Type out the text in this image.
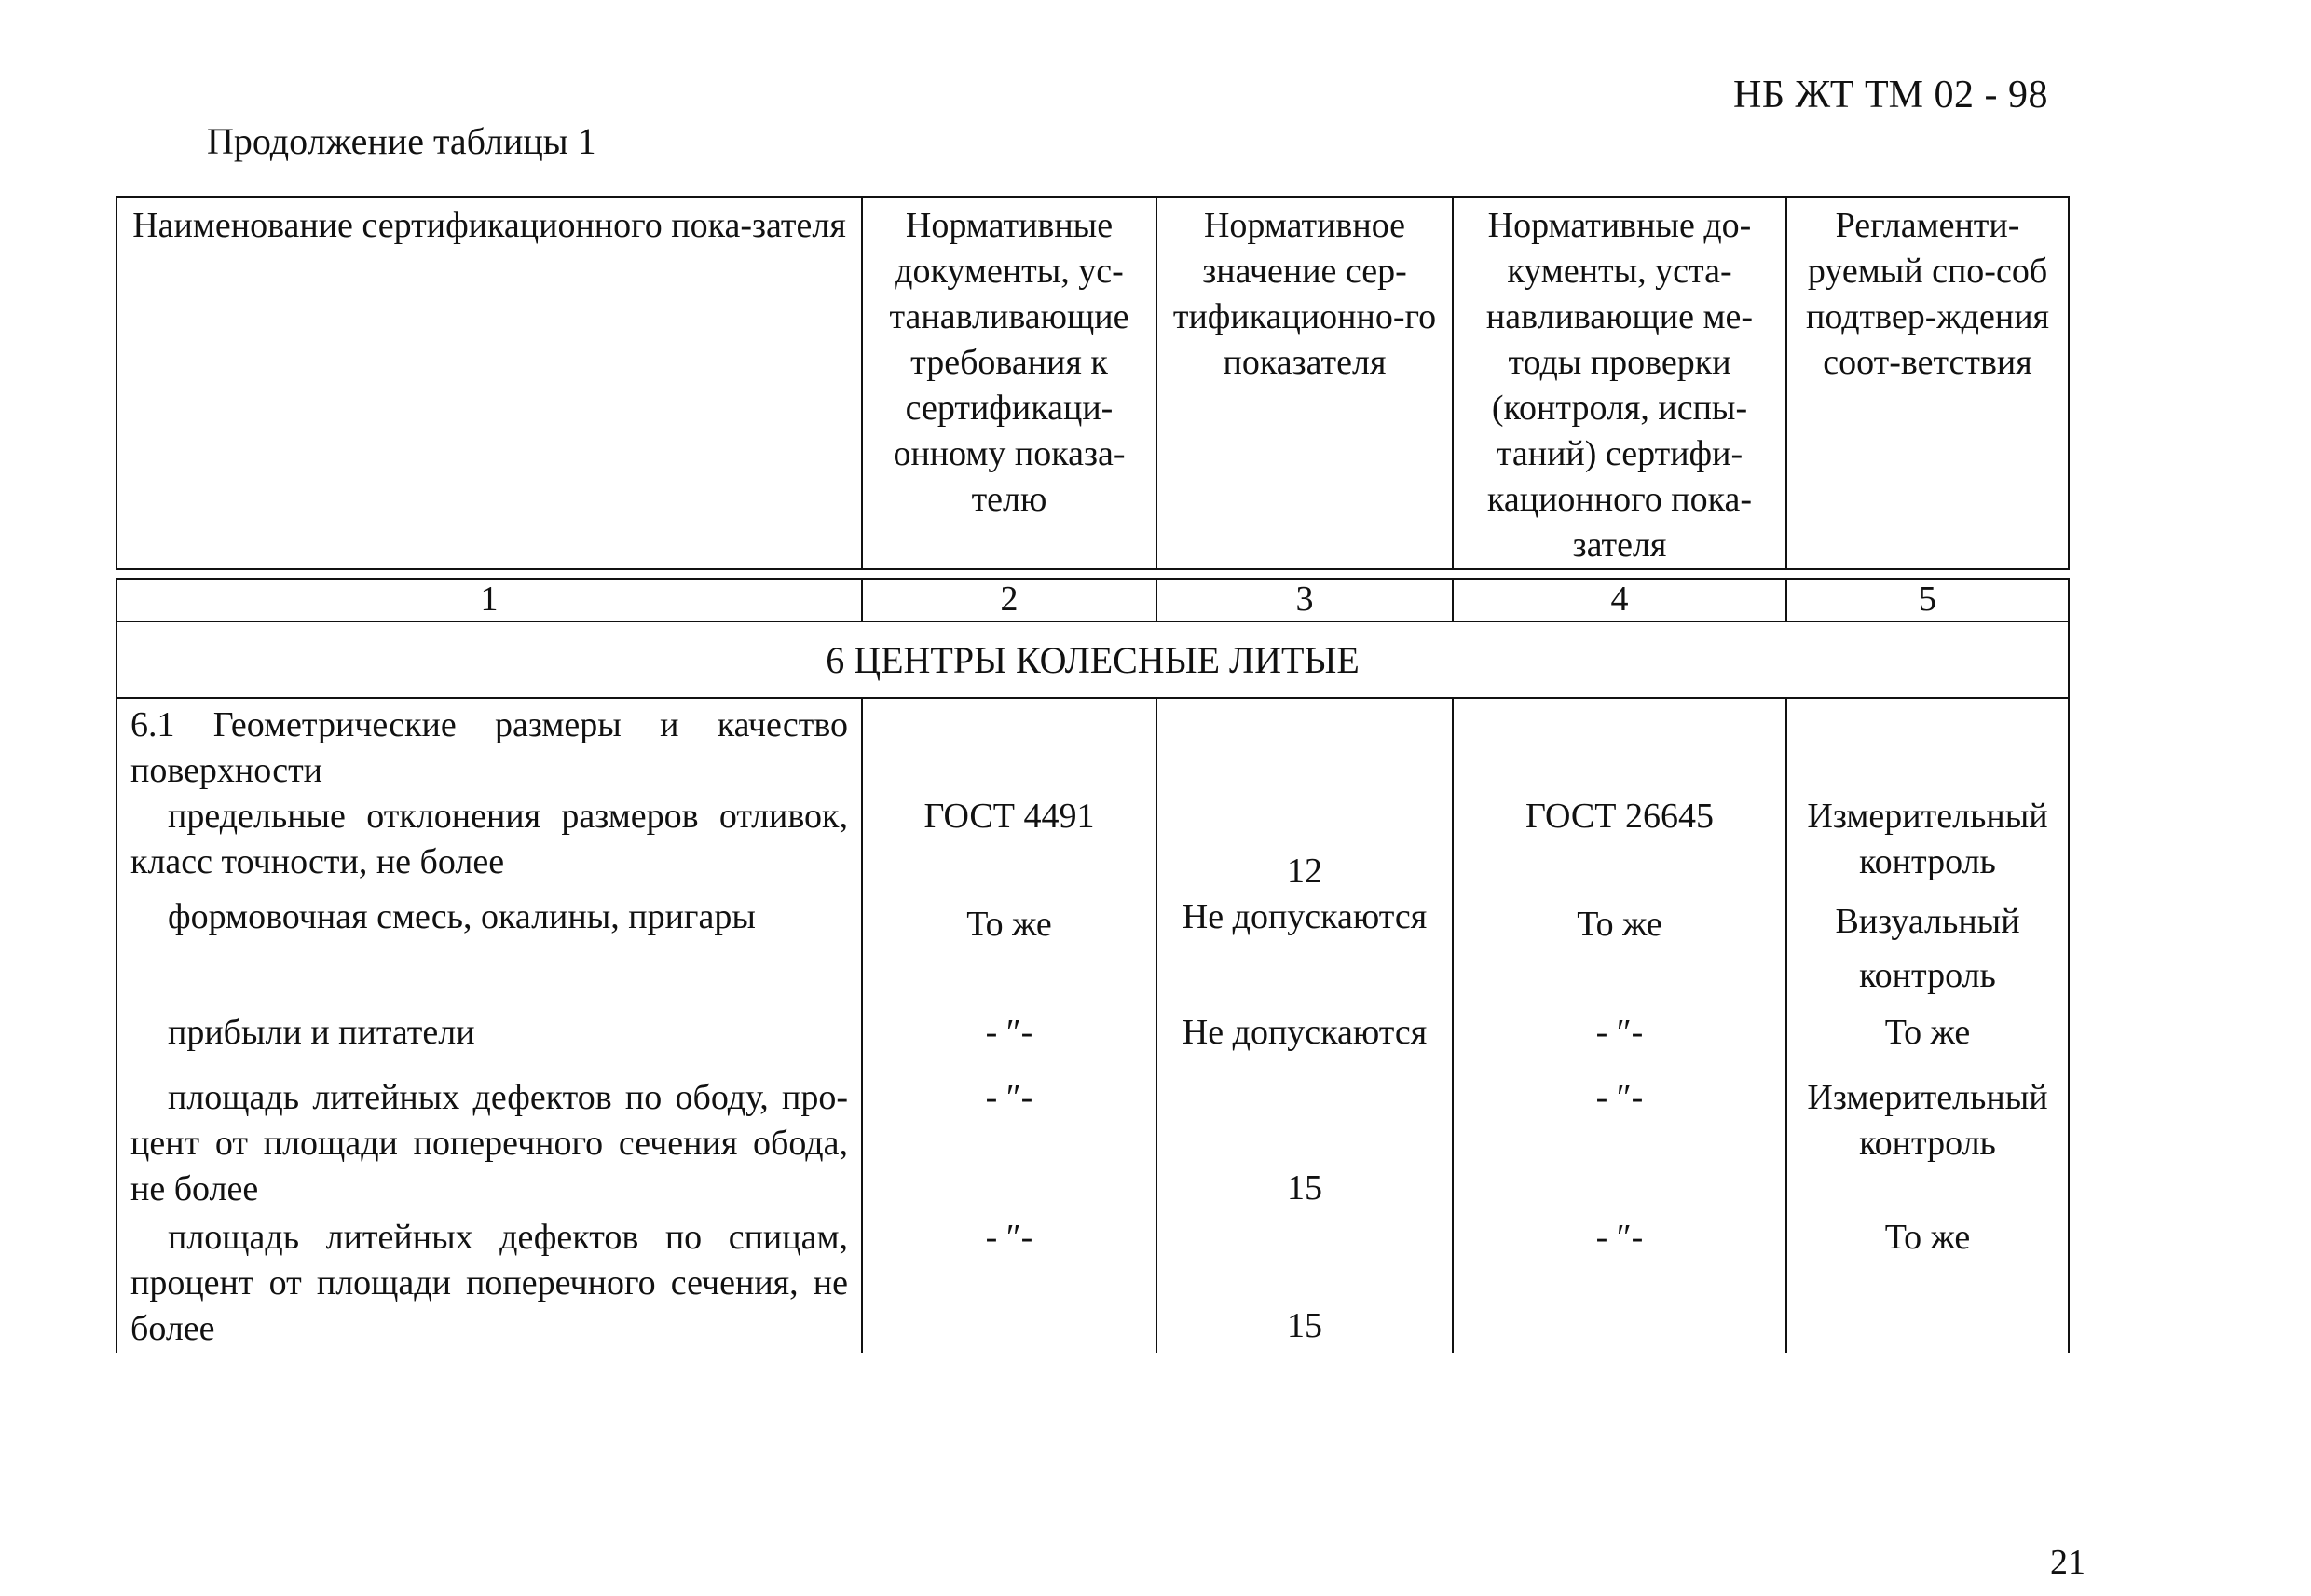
НБ ЖТ ТМ 02 - 98
Продолжение таблицы 1
Наименование сертификационного пока-зателя	Нормативные документы, ус-танавливающие требования к сертификаци-онному показа-телю	Нормативное значение сер-тификационно-го показателя	Нормативные до-кументы, уста-навливающие ме-тоды проверки (контроля, испы-таний) сертифи-кационного пока-зателя	Регламенти-руемый спо-соб подтвер-ждения соот-ветствия

1	2	3	4	5
6 ЦЕНТРЫ КОЛЕСНЫЕ ЛИТЫЕ				
6.1 Геометрические размеры и качество поверхности				
предельные отклонения размеров отливок, класс точности, не более	ГОСТ 4491	12	ГОСТ 26645	Измерительный контроль
формовочная смесь, окалины, пригары	То же	Не допускаются	То же	Визуальный контроль
прибыли и питатели	- ″-	Не допускаются	- ″-	То же
площадь литейных дефектов по ободу, про-цент от площади поперечного сечения обода, не более	- ″-	15	- ″-	Измерительный контроль
площадь литейных дефектов по спицам, процент от площади поперечного сечения, не более	- ″-	15	- ″-	То же
21
